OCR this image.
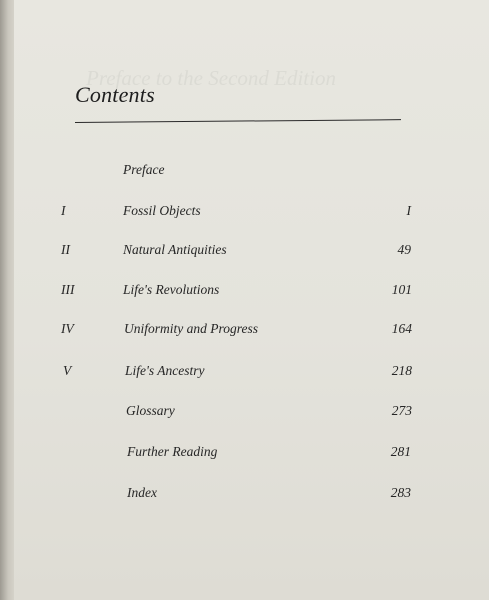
Preface to the Second Edition
Contents
Preface
I	Fossil Objects	I
II	Natural Antiquities	49
III	Life's Revolutions	101
IV	Uniformity and Progress	164
V	Life's Ancestry	218
Glossary	273
Further Reading	281
Index	283
